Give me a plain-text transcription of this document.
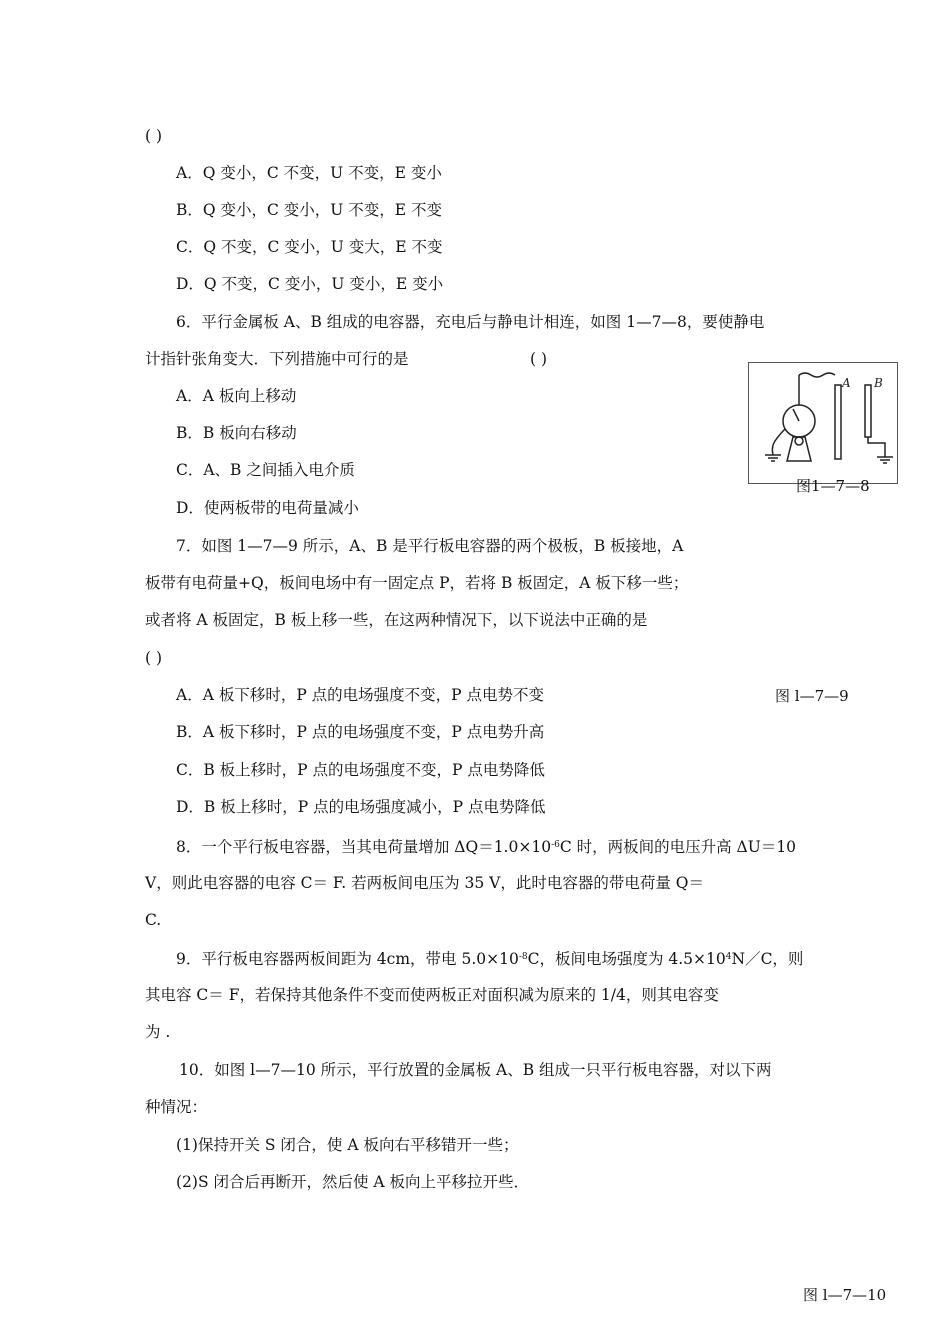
( )
A．Q 变小，C 不变，U 不变，E 变小
B．Q 变小，C 变小，U 不变，E 不变
C．Q 不变，C 变小，U 变大，E 不变
D．Q 不变，C 变小，U 变小，E 变小
6．平行金属板 A、B 组成的电容器，充电后与静电计相连，如图 1—7—8，要使静电
计指针张角变大．下列措施中可行的是	( )
A．A 板向上移动
B．B 板向右移动
C．A、B 之间插入电介质
D．使两板带的电荷量减小
A B
图1—7—8
7．如图 1—7—9 所示，A、B 是平行板电容器的两个极板，B 板接地，A
板带有电荷量+Q，板间电场中有一固定点 P，若将 B 板固定，A 板下移一些；
或者将 A 板固定，B 板上移一些，在这两种情况下，以下说法中正确的是
( )
A．A 板下移时，P 点的电场强度不变，P 点电势不变	图 l—7—9
B．A 板下移时，P 点的电场强度不变，P 点电势升高
C．B 板上移时，P 点的电场强度不变，P 点电势降低
D．B 板上移时，P 点的电场强度减小，P 点电势降低
8．一个平行板电容器，当其电荷量增加 $\Delta Q=1.0\times 10^{-6}C$ 时，两板间的电压升高 ΔU＝10
V，则此电容器的电容 C＝ F. 若两板间电压为 35 V，此时电容器的带电荷量 Q＝
C.
9．平行板电容器两板间距为 4cm，带电 $5.0\times 10^{-8}C$，板间电场强度为 $4.5\times 10^4N/C$，则
其电容 C＝ F，若保持其他条件不变而使两板正对面积减为原来的 1/4，则其电容变
为 .
10．如图 l—7—10 所示，平行放置的金属板 A、B 组成一只平行板电容器，对以下两
种情况：
(1)保持开关 S 闭合，使 A 板向右平移错开一些；
(2)S 闭合后再断开，然后使 A 板向上平移拉开些．
图 l—7—10
